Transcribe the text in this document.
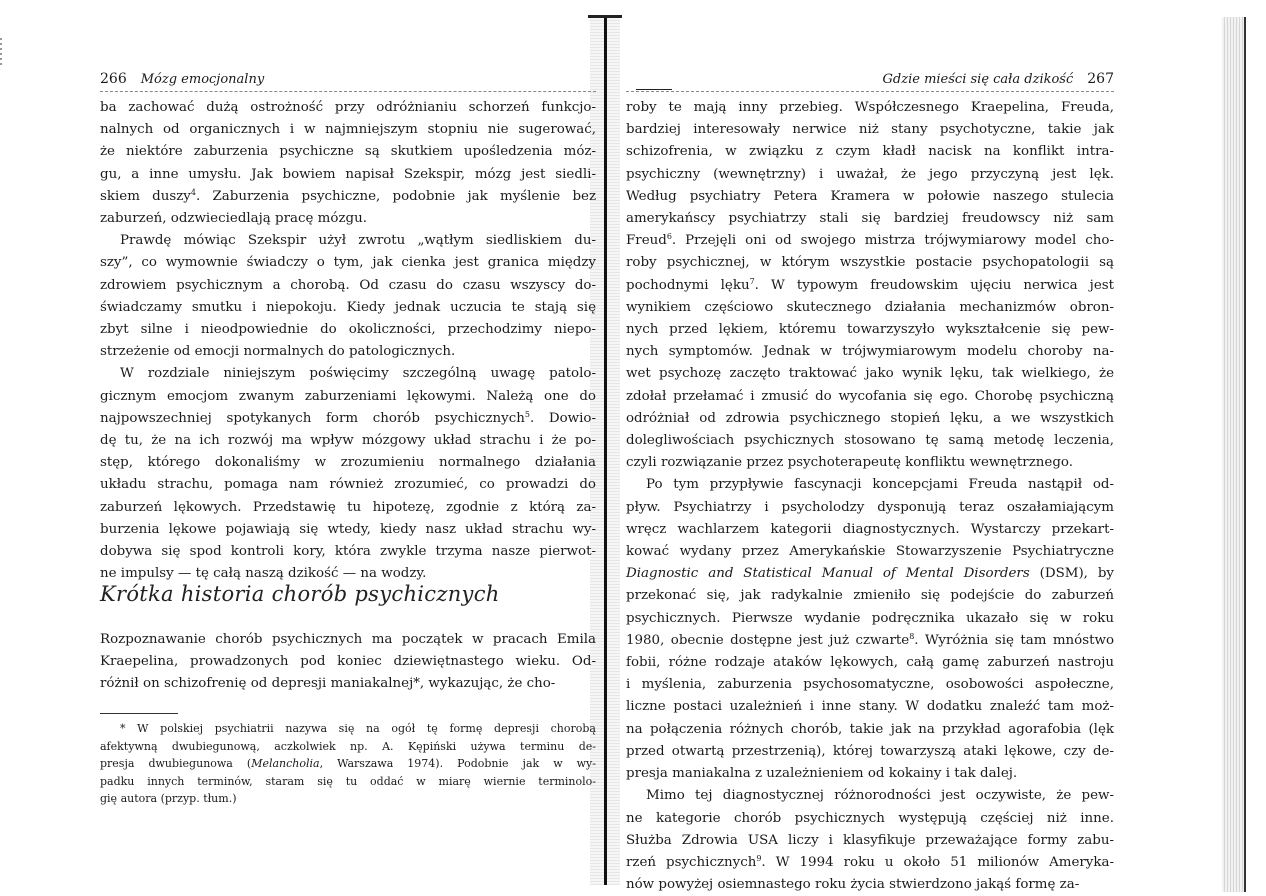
266 Mózg emocjonalny
ba zachować dużą ostrożność przy odróżnianiu schorzeń funkcjo-
nalnych od organicznych i w najmniejszym stopniu nie sugerować,
że niektóre zaburzenia psychiczne są skutkiem upośledzenia móz-
gu, a inne umysłu. Jak bowiem napisał Szekspir, mózg jest siedli-
skiem duszy$^4$. Zaburzenia psychiczne, podobnie jak myślenie bez
zaburzeń, odzwieciedlają pracę mózgu.
Prawdę mówiąc Szekspir użył zwrotu „wątłym siedliskiem du-
szy”, co wymownie świadczy o tym, jak cienka jest granica między
zdrowiem psychicznym a chorobą. Od czasu do czasu wszyscy do-
świadczamy smutku i niepokoju. Kiedy jednak uczucia te stają się
zbyt silne i nieodpowiednie do okoliczności, przechodzimy niepo-
strzeżenie od emocji normalnych do patologicznych.
W rozdziale niniejszym poświęcimy szczególną uwagę patolo-
gicznym emocjom zwanym zaburzeniami lękowymi. Należą one do
najpowszechniej spotykanych form chorób psychicznych$^5$. Dowio-
dę tu, że na ich rozwój ma wpływ mózgowy układ strachu i że po-
stęp, którego dokonaliśmy w zrozumieniu normalnego działania
układu strachu, pomaga nam również zrozumieć, co prowadzi do
zaburzeń lękowych. Przedstawię tu hipotezę, zgodnie z którą za-
burzenia lękowe pojawiają się wtedy, kiedy nasz układ strachu wy-
dobywa się spod kontroli kory, która zwykle trzyma nasze pierwot-
ne impulsy — tę całą naszą dzikość — na wodzy.
Krótka historia chorób psychicznych
Rozpoznawanie chorób psychicznych ma początek w pracach Emila
Kraepelina, prowadzonych pod koniec dziewiętnastego wieku. Od-
różnił on schizofrenię od depresji maniakalnej*, wykazując, że cho-
* W polskiej psychiatrii nazywa się na ogół tę formę depresji chorobą
afektywną dwubiegunową, aczkolwiek np. A. Kępiński używa terminu de-
presja dwubiegunowa (Melancholia, Warszawa 1974). Podobnie jak w wy-
padku innych terminów, staram się tu oddać w miarę wiernie terminolo-
gię autora (przyp. tłum.)
Gdzie mieści się cała dzikość 267
roby te mają inny przebieg. Współczesnego Kraepelina, Freuda,
bardziej interesowały nerwice niż stany psychotyczne, takie jak
schizofrenia, w związku z czym kładł nacisk na konflikt intra-
psychiczny (wewnętrzny) i uważał, że jego przyczyną jest lęk.
Według psychiatry Petera Kramera w połowie naszego stulecia
amerykańscy psychiatrzy stali się bardziej freudowscy niż sam
Freud$^6$. Przejęli oni od swojego mistrza trójwymiarowy model cho-
roby psychicznej, w którym wszystkie postacie psychopatologii są
pochodnymi lęku$^7$. W typowym freudowskim ujęciu nerwica jest
wynikiem częściowo skutecznego działania mechanizmów obron-
nych przed lękiem, któremu towarzyszyło wykształcenie się pew-
nych symptomów. Jednak w trójwymiarowym modelu choroby na-
wet psychozę zaczęto traktować jako wynik lęku, tak wielkiego, że
zdołał przełamać i zmusić do wycofania się ego. Chorobę psychiczną
odróżniał od zdrowia psychicznego stopień lęku, a we wszystkich
dolegliwościach psychicznych stosowano tę samą metodę leczenia,
czyli rozwiązanie przez psychoterapeutę konfliktu wewnętrznego.
Po tym przypływie fascynacji koncepcjami Freuda nastąpił od-
pływ. Psychiatrzy i psycholodzy dysponują teraz oszałamiającym
wręcz wachlarzem kategorii diagnostycznych. Wystarczy przekart-
kować wydany przez Amerykańskie Stowarzyszenie Psychiatryczne
Diagnostic and Statistical Manual of Mental Disorders (DSM), by
przekonać się, jak radykalnie zmieniło się podejście do zaburzeń
psychicznych. Pierwsze wydanie podręcznika ukazało się w roku
1980, obecnie dostępne jest już czwarte$^8$. Wyróżnia się tam mnóstwo
fobii, różne rodzaje ataków lękowych, całą gamę zaburzeń nastroju
i myślenia, zaburzenia psychosomatyczne, osobowości aspołeczne,
liczne postaci uzależnień i inne stany. W dodatku znaleźć tam moż-
na połączenia różnych chorób, takie jak na przykład agorafobia (lęk
przed otwartą przestrzenią), której towarzyszą ataki lękowe, czy de-
presja maniakalna z uzależnieniem od kokainy i tak dalej.
Mimo tej diagnostycznej różnorodności jest oczywiste, że pew-
ne kategorie chorób psychicznych występują częściej niż inne.
Służba Zdrowia USA liczy i klasyfikuje przeważające formy zabu-
rzeń psychicznych$^9$. W 1994 roku u około 51 milionów Ameryka-
nów powyżej osiemnastego roku życia stwierdzono jakąś formę za-
